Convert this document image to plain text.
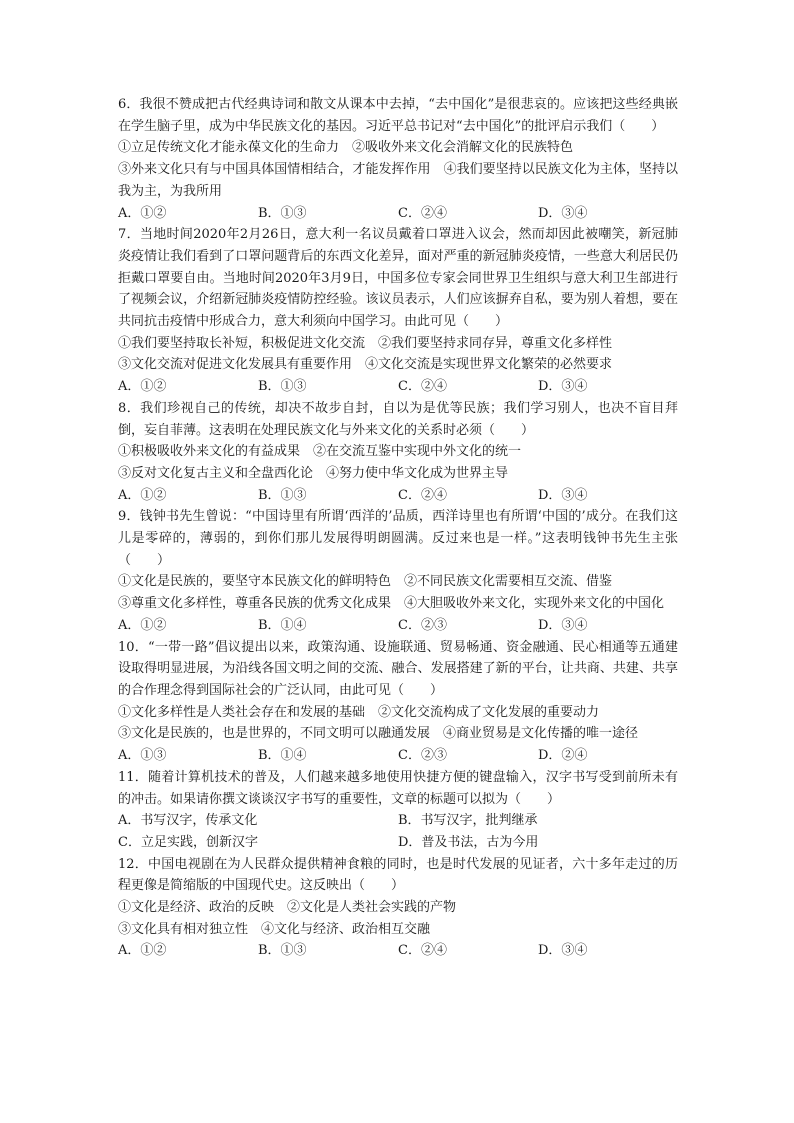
6．我很不赞成把古代经典诗词和散文从课本中去掉，“去中国化”是很悲哀的。应该把这些经典嵌在学生脑子里，成为中华民族文化的基因。习近平总书记对“去中国化”的批评启示我们（　　）
①立足传统文化才能永葆文化的生命力　②吸收外来文化会消解文化的民族特色
③外来文化只有与中国具体国情相结合，才能发挥作用　④我们要坚持以民族文化为主体，坚持以我为主，为我所用
A．①②	B．①③	C．②④	D．③④
7．当地时间2020年2月26日，意大利一名议员戴着口罩进入议会，然而却因此被嘲笑，新冠肺炎疫情让我们看到了口罩问题背后的东西文化差异，面对严重的新冠肺炎疫情，一些意大利居民仍拒戴口罩要自由。当地时间2020年3月9日，中国多位专家会同世界卫生组织与意大利卫生部进行了视频会议，介绍新冠肺炎疫情防控经验。该议员表示，人们应该摒弃自私，要为别人着想，要在共同抗击疫情中形成合力，意大利须向中国学习。由此可见（　　）
①我们要坚持取长补短，积极促进文化交流　②我们要坚持求同存异，尊重文化多样性
③文化交流对促进文化发展具有重要作用　④文化交流是实现世界文化繁荣的必然要求
A．①②	B．①③	C．②④	D．③④
8．我们珍视自己的传统，却决不故步自封，自以为是优等民族；我们学习别人，也决不盲目拜倒，妄自菲薄。这表明在处理民族文化与外来文化的关系时必须（　　）
①积极吸收外来文化的有益成果　②在交流互鉴中实现中外文化的统一
③反对文化复古主义和全盘西化论　④努力使中华文化成为世界主导
A．①②	B．①③	C．②④	D．③④
9．钱钟书先生曾说：“中国诗里有所谓‘西洋的’品质，西洋诗里也有所谓‘中国的’成分。在我们这儿是零碎的，薄弱的，到你们那儿发展得明朗圆满。反过来也是一样。”这表明钱钟书先生主张（　　）
①文化是民族的，要坚守本民族文化的鲜明特色　②不同民族文化需要相互交流、借鉴
③尊重文化多样性，尊重各民族的优秀文化成果　④大胆吸收外来文化，实现外来文化的中国化
A．①②	B．①④	C．②③	D．③④
10．“一带一路”倡议提出以来，政策沟通、设施联通、贸易畅通、资金融通、民心相通等五通建设取得明显进展，为沿线各国文明之间的交流、融合、发展搭建了新的平台，让共商、共建、共享的合作理念得到国际社会的广泛认同，由此可见（　　）
①文化多样性是人类社会存在和发展的基础　②文化交流构成了文化发展的重要动力
③文化是民族的，也是世界的，不同文明可以融通发展　④商业贸易是文化传播的唯一途径
A．①③	B．①④	C．②③	D．②④
11．随着计算机技术的普及，人们越来越多地使用快捷方便的键盘输入，汉字书写受到前所未有的冲击。如果请你撰文谈谈汉字书写的重要性，文章的标题可以拟为（　　）
A．书写汉字，传承文化	B．书写汉字，批判继承
C．立足实践，创新汉字	D．普及书法，古为今用
12．中国电视剧在为人民群众提供精神食粮的同时，也是时代发展的见证者，六十多年走过的历程更像是简缩版的中国现代史。这反映出（　　）
①文化是经济、政治的反映　②文化是人类社会实践的产物
③文化具有相对独立性　④文化与经济、政治相互交融
A．①②	B．①③	C．②④	D．③④
